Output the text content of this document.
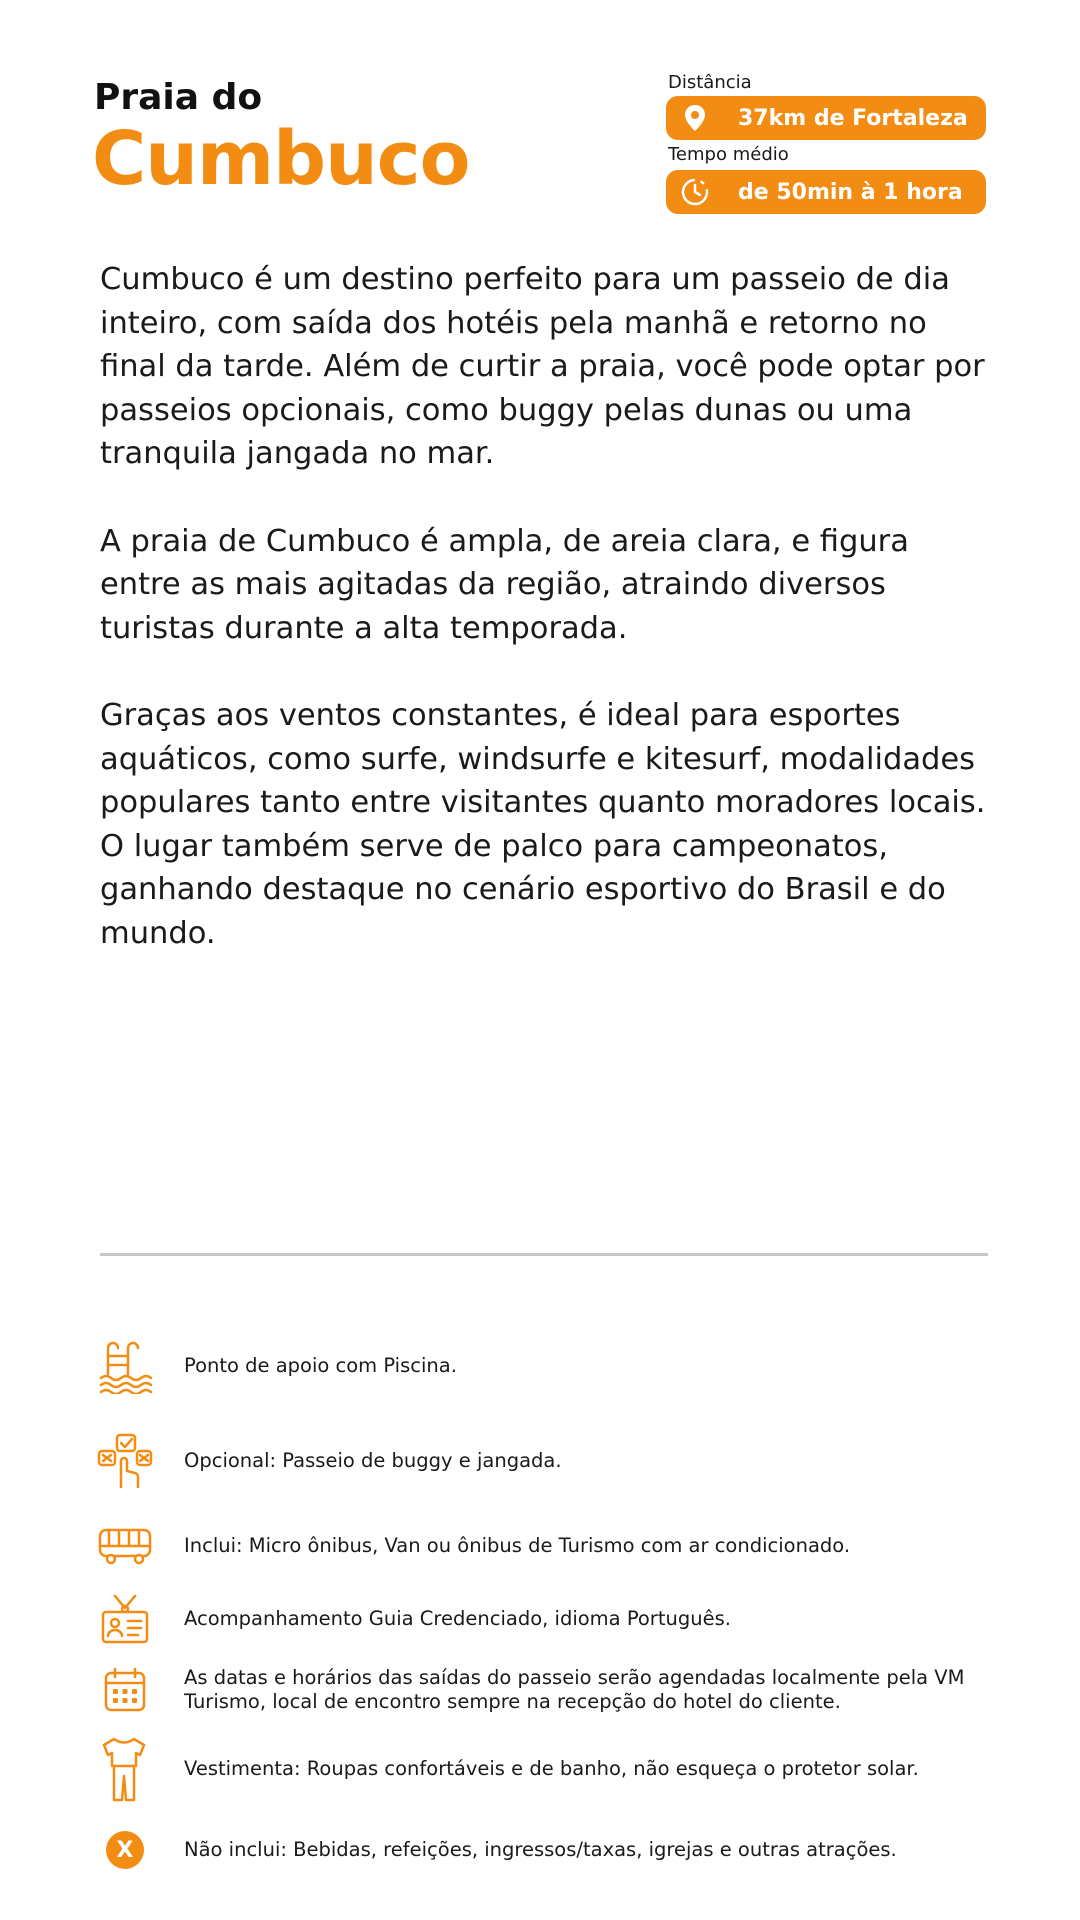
Praia do
Cumbuco
Distância
37km de Fortaleza
Tempo médio
de 50min à 1 hora

Cumbuco é um destino perfeito para um passeio de dia inteiro, com saída dos hotéis pela manhã e retorno no final da tarde. Além de curtir a praia, você pode optar por passeios opcionais, como buggy pelas dunas ou uma tranquila jangada no mar.

A praia de Cumbuco é ampla, de areia clara, e figura entre as mais agitadas da região, atraindo diversos turistas durante a alta temporada.

Graças aos ventos constantes, é ideal para esportes aquáticos, como surfe, windsurfe e kitesurf, modalidades populares tanto entre visitantes quanto moradores locais. O lugar também serve de palco para campeonatos, ganhando destaque no cenário esportivo do Brasil e do mundo.

Ponto de apoio com Piscina.
Opcional: Passeio de buggy e jangada.
Inclui: Micro ônibus, Van ou ônibus de Turismo com ar condicionado.
Acompanhamento Guia Credenciado, idioma Português.
As datas e horários das saídas do passeio serão agendadas localmente pela VM Turismo, local de encontro sempre na recepção do hotel do cliente.
Vestimenta: Roupas confortáveis e de banho, não esqueça o protetor solar.
X	Não inclui: Bebidas, refeições, ingressos/taxas, igrejas e outras atrações.
